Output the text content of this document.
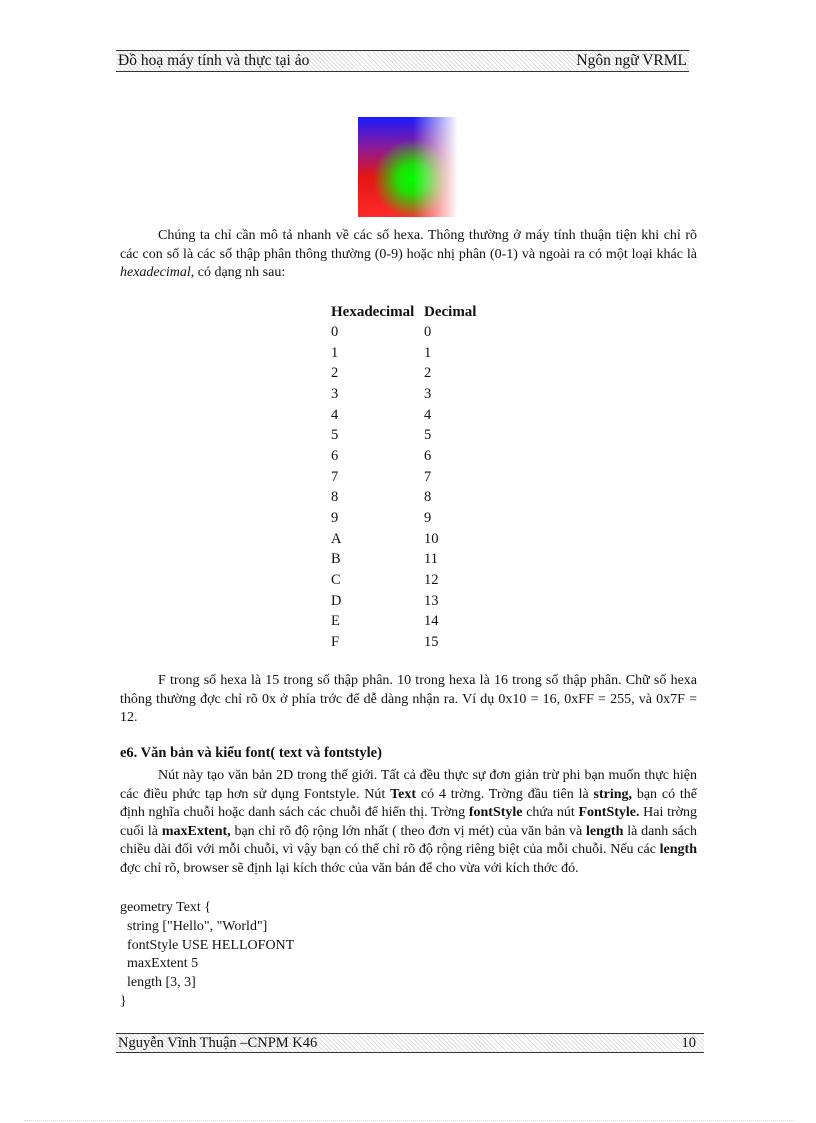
Đồ hoạ máy tính và thực tại ảo	Ngôn ngữ VRML

Chúng ta chỉ cần mô tả nhanh về các số hexa. Thông thường ở máy tính thuận tiện khi chỉ rõ các con số là các số thập phân thông thường (0-9) hoặc nhị phân (0-1) và ngoài ra có một loại khác là hexadecimal, có dạng nh sau:

Hexadecimal	Decimal
0	0
1	1
2	2
3	3
4	4
5	5
6	6
7	7
8	8
9	9
A	10
B	11
C	12
D	13
E	14
F	15

F trong số hexa là 15 trong số thập phân. 10 trong hexa là 16 trong số thập phân. Chữ số hexa thông thường đợc chỉ rõ 0x ở phía trớc để dễ dàng nhận ra. Ví dụ 0x10 = 16, 0xFF = 255, và 0x7F = 12.

e6. Văn bản và kiểu font( text và fontstyle)

Nút này tạo văn bản 2D trong thế giới. Tất cả đều thực sự đơn giản trừ phi bạn muốn thực hiện các điều phức tạp hơn sử dụng Fontstyle. Nút Text có 4 trờng. Trờng đầu tiên là string, bạn có thể định nghĩa chuỗi hoặc danh sách các chuỗi để hiển thị. Trờng fontStyle chứa nút FontStyle. Hai trờng cuối là maxExtent, bạn chỉ rõ độ rộng lớn nhất ( theo đơn vị mét) của văn bản và length là danh sách chiều dài đối với mỗi chuỗi, vì vậy bạn có thể chỉ rõ độ rộng riêng biệt của mỗi chuỗi. Nếu các length đợc chỉ rõ, browser sẽ định lại kích thớc của văn bản để cho vừa với kích thớc đó.

geometry Text {
string ["Hello", "World"]
fontStyle USE HELLOFONT
maxExtent 5
length [3, 3]
}
Nguyễn Vĩnh Thuận –CNPM K46	10
